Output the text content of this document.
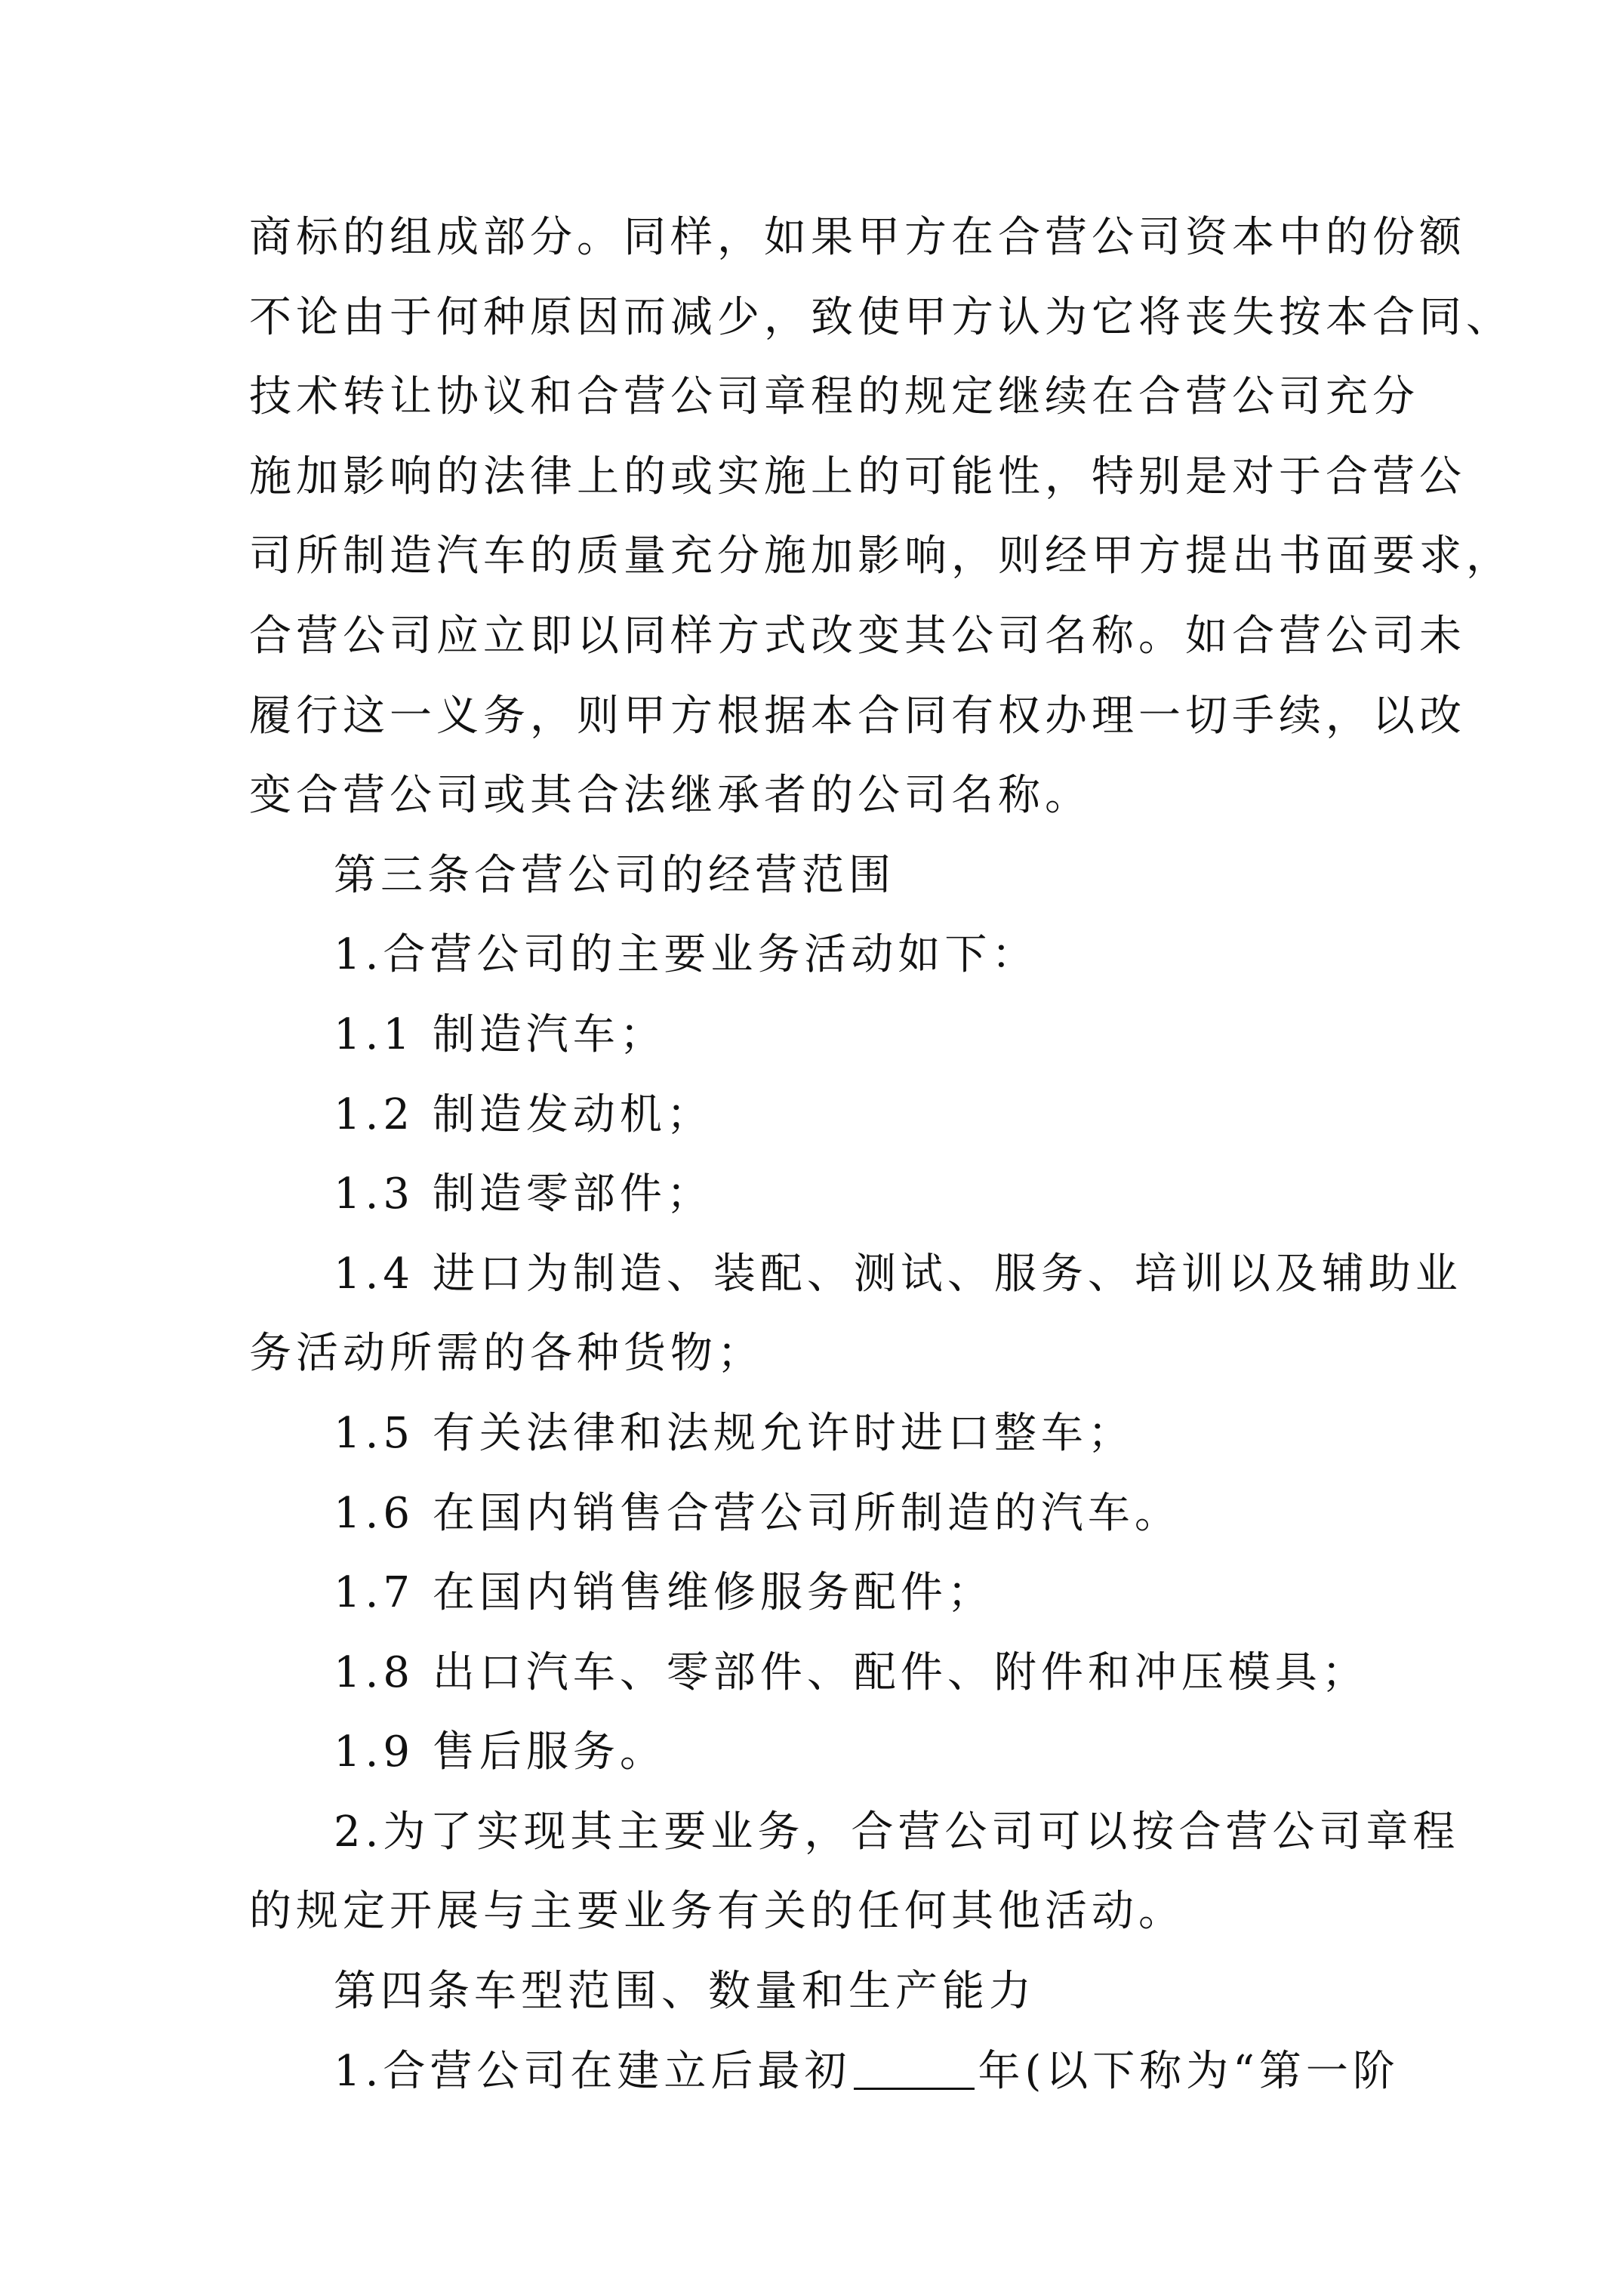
商标的组成部分。同样，如果甲方在合营公司资本中的份额
不论由于何种原因而减少，致使甲方认为它将丧失按本合同、
技术转让协议和合营公司章程的规定继续在合营公司充分
施加影响的法律上的或实施上的可能性，特别是对于合营公
司所制造汽车的质量充分施加影响，则经甲方提出书面要求，
合营公司应立即以同样方式改变其公司名称。如合营公司未
履行这一义务，则甲方根据本合同有权办理一切手续，以改
变合营公司或其合法继承者的公司名称。
第三条合营公司的经营范围
1.合营公司的主要业务活动如下：
1.1 制造汽车；
1.2 制造发动机；
1.3 制造零部件；
1.4 进口为制造、装配、测试、服务、培训以及辅助业
务活动所需的各种货物；
1.5 有关法律和法规允许时进口整车；
1.6 在国内销售合营公司所制造的汽车。
1.7 在国内销售维修服务配件；
1.8 出口汽车、零部件、配件、附件和冲压模具；
1.9 售后服务。
2.为了实现其主要业务，合营公司可以按合营公司章程
的规定开展与主要业务有关的任何其他活动。
第四条车型范围、数量和生产能力
1.合营公司在建立后最初	年(以下称为“第一阶
